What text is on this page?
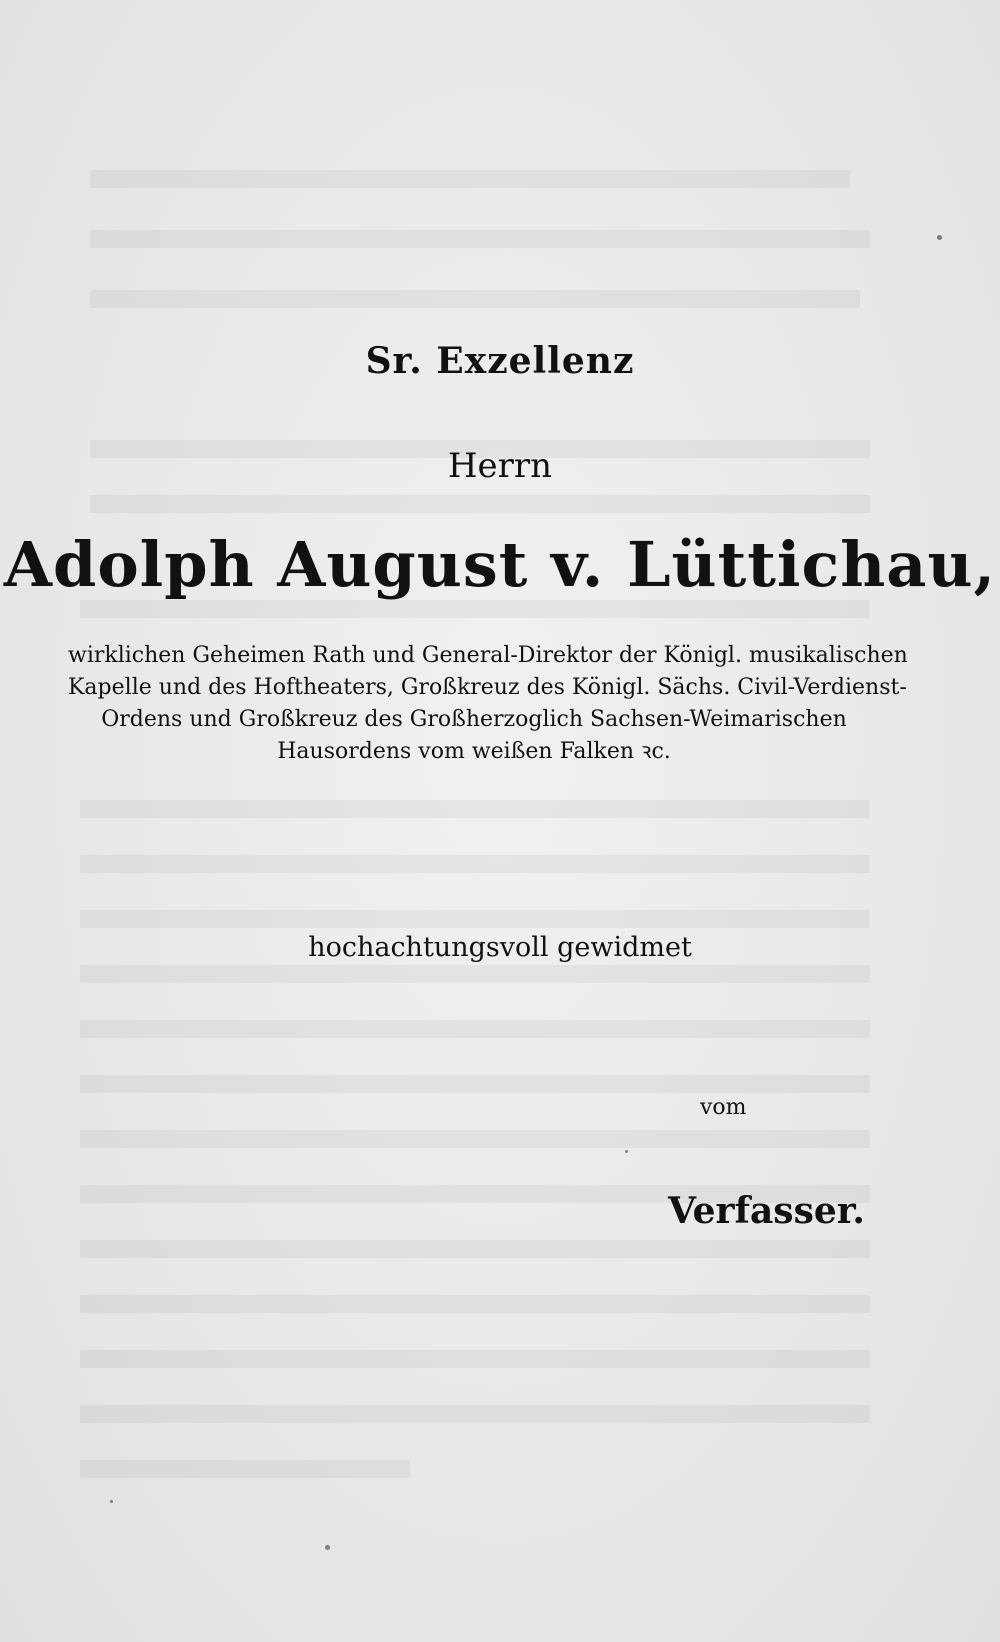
Sr. Exzellenz
Herrn
Adolph August v. Lüttichau,
wirklichen Geheimen Rath und General-Direktor der Königl. musikalischen
Kapelle und des Hoftheaters, Großkreuz des Königl. Sächs. Civil-Verdienst-
Ordens und Großkreuz des Großherzoglich Sachsen-Weimarischen
Hausordens vom weißen Falken ꝛc.
hochachtungsvoll gewidmet
vom
Verfasser.
